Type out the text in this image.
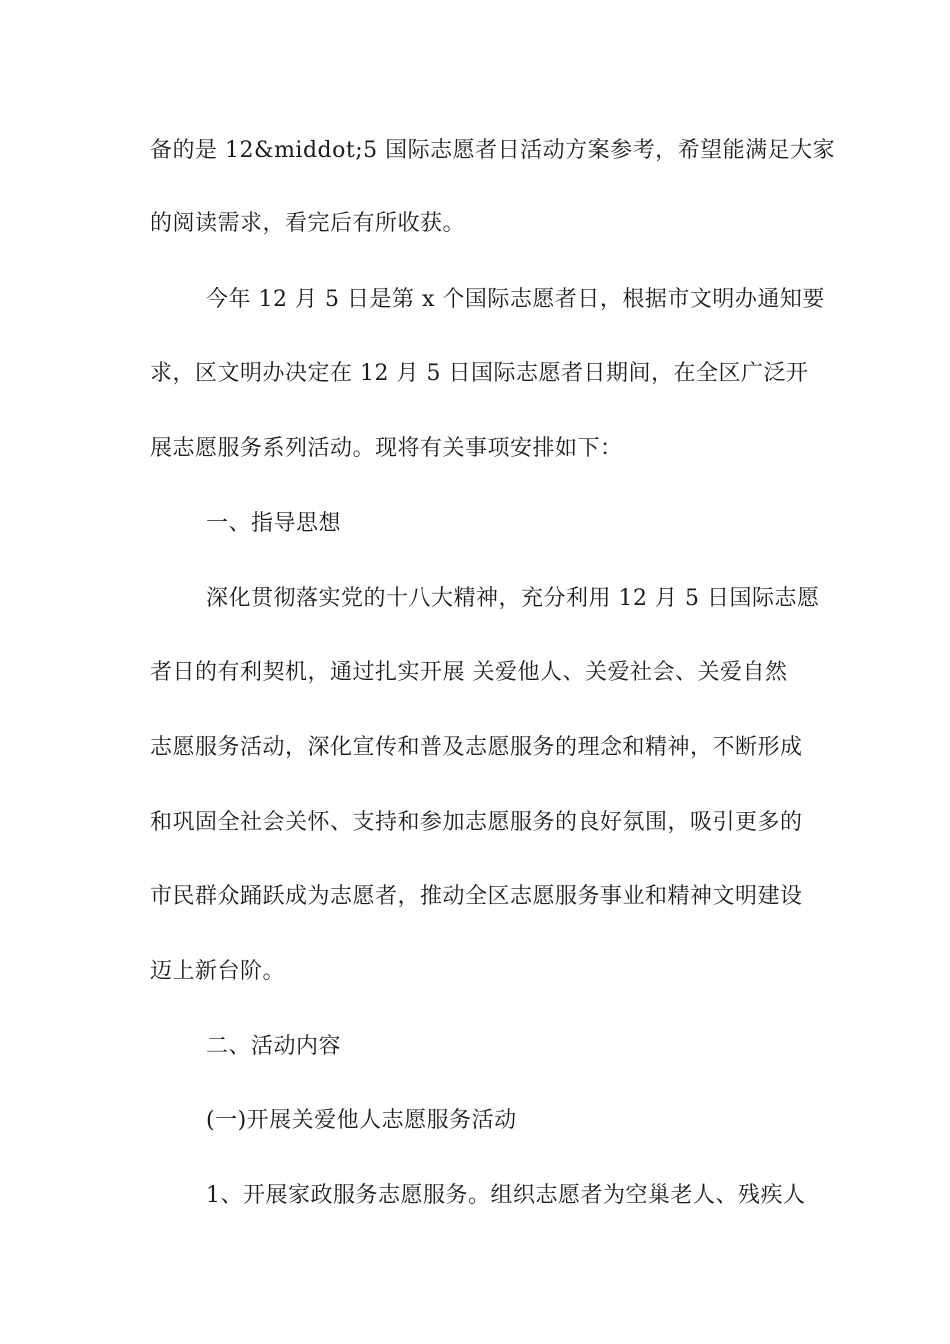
备的是 12&middot;5 国际志愿者日活动方案参考，希望能满足大家
的阅读需求，看完后有所收获。
今年 12 月 5 日是第 x 个国际志愿者日，根据市文明办通知要
求，区文明办决定在 12 月 5 日国际志愿者日期间，在全区广泛开
展志愿服务系列活动。现将有关事项安排如下：
一、指导思想
深化贯彻落实党的十八大精神，充分利用 12 月 5 日国际志愿
者日的有利契机，通过扎实开展 关爱他人、关爱社会、关爱自然
志愿服务活动，深化宣传和普及志愿服务的理念和精神，不断形成
和巩固全社会关怀、支持和参加志愿服务的良好氛围，吸引更多的
市民群众踊跃成为志愿者，推动全区志愿服务事业和精神文明建设
迈上新台阶。
二、活动内容
(一)开展关爱他人志愿服务活动
1、开展家政服务志愿服务。组织志愿者为空巢老人、残疾人
